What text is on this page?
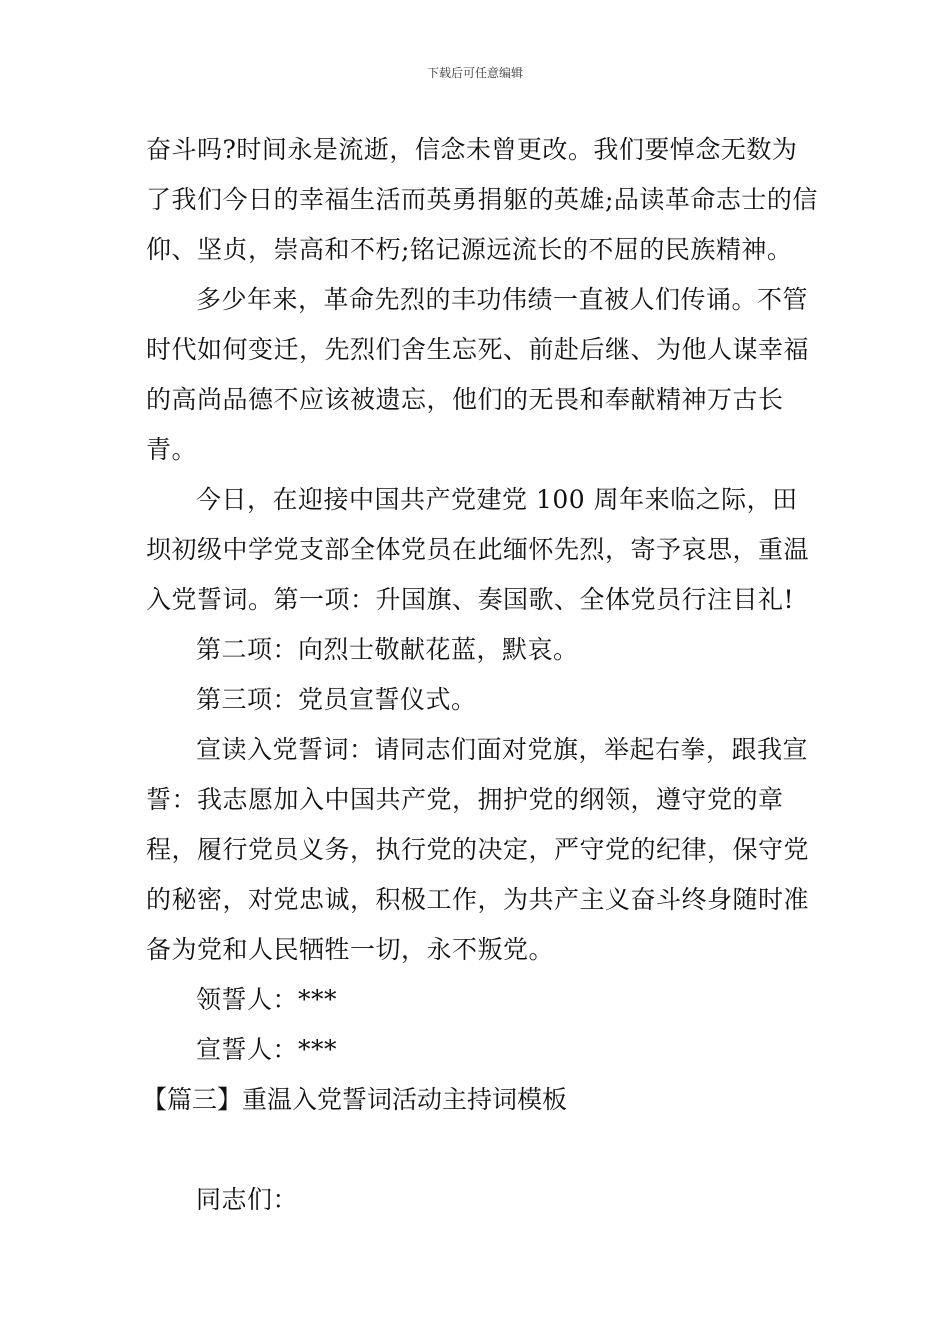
下载后可任意编辑

奋斗吗?时间永是流逝，信念未曾更改。我们要悼念无数为了我们今日的幸福生活而英勇捐躯的英雄;品读革命志士的信仰、坚贞，崇高和不朽;铭记源远流长的不屈的民族精神。

多少年来，革命先烈的丰功伟绩一直被人们传诵。不管时代如何变迁，先烈们舍生忘死、前赴后继、为他人谋幸福的高尚品德不应该被遗忘，他们的无畏和奉献精神万古长青。

今日，在迎接中国共产党建党 100 周年来临之际，田坝初级中学党支部全体党员在此缅怀先烈，寄予哀思，重温入党誓词。第一项：升国旗、奏国歌、全体党员行注目礼!

第二项：向烈士敬献花蓝，默哀。

第三项：党员宣誓仪式。

宣读入党誓词：请同志们面对党旗，举起右拳，跟我宣誓：我志愿加入中国共产党，拥护党的纲领，遵守党的章程，履行党员义务，执行党的决定，严守党的纪律，保守党的秘密，对党忠诚，积极工作，为共产主义奋斗终身随时准备为党和人民牺牲一切，永不叛党。

领誓人：***

宣誓人：***

【篇三】重温入党誓词活动主持词模板

同志们：
